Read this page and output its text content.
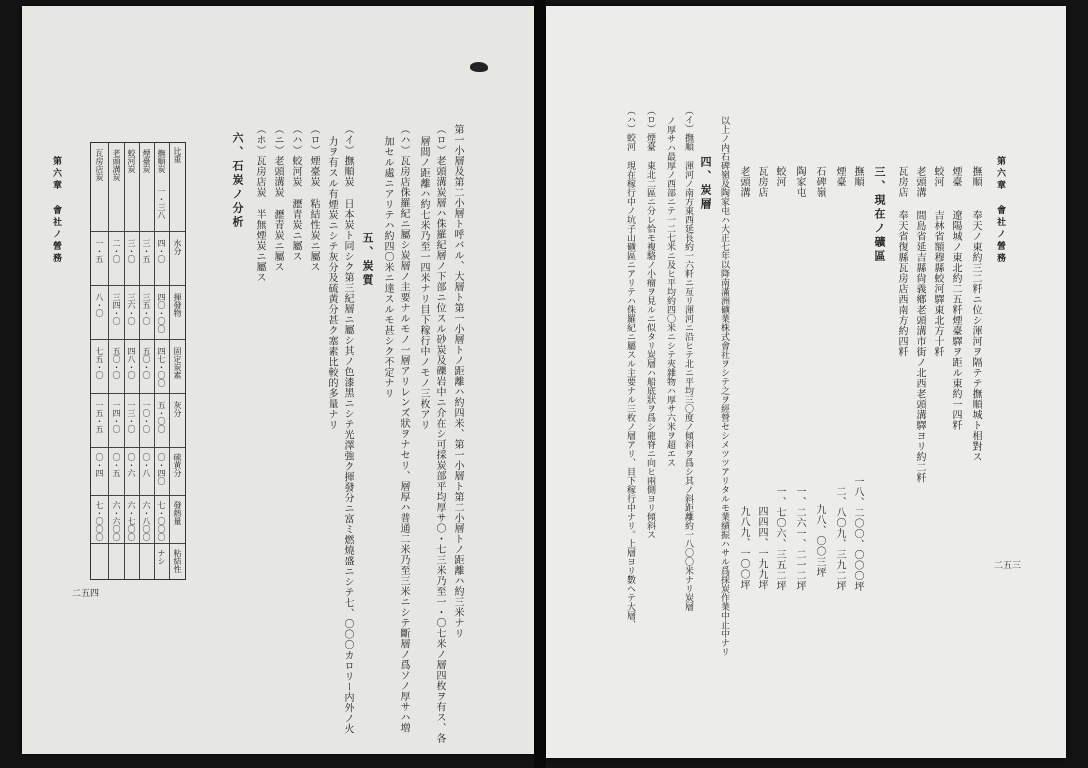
第六章 會社ノ營務
二五四	第一小層及第二小層ト呼バル、大層ト第一小層トノ距離ハ約四米、第一小層ト第二小層トノ距離ハ約三米ナリ
（ロ）老頭溝炭層ハ侏羅紀層ノ下部ニ位スル砂炭及礫岩中ニ介在シ可採炭部平均厚サ〇・七三米乃至一・〇七米ノ層四枚ヲ有ス、各
層間ノ距離ハ約七米乃至一四米ナリ目下稼行中ノモノ三枚アリ
（ハ）瓦房店侏羅紀ニ屬シ炭層ノ主要ナルモノ一層アリレンズ狀ヲナセリ、層厚ハ普通二米乃至三米ニシテ斷層ノ爲ソノ厚サハ増
加セル處ニアリテハ約四〇米ニ達スルモ甚シク不定ナリ
五、炭質
（イ）撫順炭 日本炭ト同シク第三紀層ニ屬シ其ノ色漆黑ニシテ光澤強ク揮發分ニ富ミ燃燒盛ニシテ七、〇〇〇カロリー内外ノ火
力ヲ有スル有煙炭ニシテ灰分及硫黄分甚ク塞素比較的多量ナリ
（ロ）煙臺炭 粘結性炭ニ屬ス
（ハ）蛟河炭 瀝青炭ニ屬ス
（ニ）老頭溝炭 瀝青炭ニ屬ス
（ホ）瓦房店炭 半無煙炭ニ屬ス
六、石炭ノ分析
比重
水分
揮發物
固定炭素
灰分
硫黄分
發熱量
粘結性
撫順炭
煙臺炭
蛟河炭
老頭溝炭
瓦房店炭
一・三八
四・〇
四〇・〇〇
四七・〇〇
五・〇〇
〇・四〇
七・〇〇〇
ナシ
三・五
三五・〇
五〇・〇
一〇・〇
〇・八
六・八〇〇
三・〇
三六・〇
四八・〇
一三・〇
〇・六
六・七〇〇
二・〇
三四・〇
五〇・〇
一四・〇
〇・五
六・六〇〇
一・五
八・〇
七五・〇
一五・五
〇・四
七・〇〇〇
第六章 會社ノ營務
二五三
撫順
奉天ノ東約三二粁ニ位シ渾河ヲ隔テテ撫順城ト相對ス
煙臺
遼陽城ノ東北約二五粁煙臺驛ヲ距ル東約一四粁
蛟河
吉林省額穆縣蛟河驛東北方十粁
老頭溝
間島省延吉縣尙義鄕老頭溝市街ノ北西老頭溝驛ヨリ約二粁
瓦房店
奉天省復縣瓦房店西南方約四粁
三、現在ノ礦區
撫順
一八、二〇〇、〇〇〇坪
煙臺
二、八〇九、三九二坪
石碑嶺
九八、〇〇三坪
陶家屯
一、二六一、二一二坪
蛟河
一、七〇六、三五二坪
瓦房店
四四四、一九九坪
老頭溝
九八九、一〇〇坪
以上ノ内石碑嶺及陶家屯ハ大正七年以降南滿洲礦業株式會社ヲシテ之ヲ經營セシメツツアリタルモ業績振ハサル爲採炭作業中止中ナリ
四、炭層
（イ）撫順 渾河ノ南方東西延長約一六粁ニ亙リ渾河ニ沿ヒテ北ニ平均三〇度ノ傾斜ヲ爲シ其ノ斜距離約一八〇〇米ナリ炭層
ノ厚サハ最厚ノ西部ニテ一二七米ニ及ヒ平均約四〇米ニシテ夾雜物ハ厚サ六米ヲ超エス
（ロ）煙臺 東北二區ニ分レ恰モ複駱ノ小瘤ヲ見ルニ似タリ炭層ハ船底狀ヲ爲シ龍脊ニ向ヒ兩側ヨリ傾斜ス
（ハ）蛟河 現在稼行中ノ坑子山礦區ニアリテハ侏羅紀ニ屬スル主要ナル三枚ノ層アリ、目下稼行中ナリ。上層ヨリ數ヘテ大層、
